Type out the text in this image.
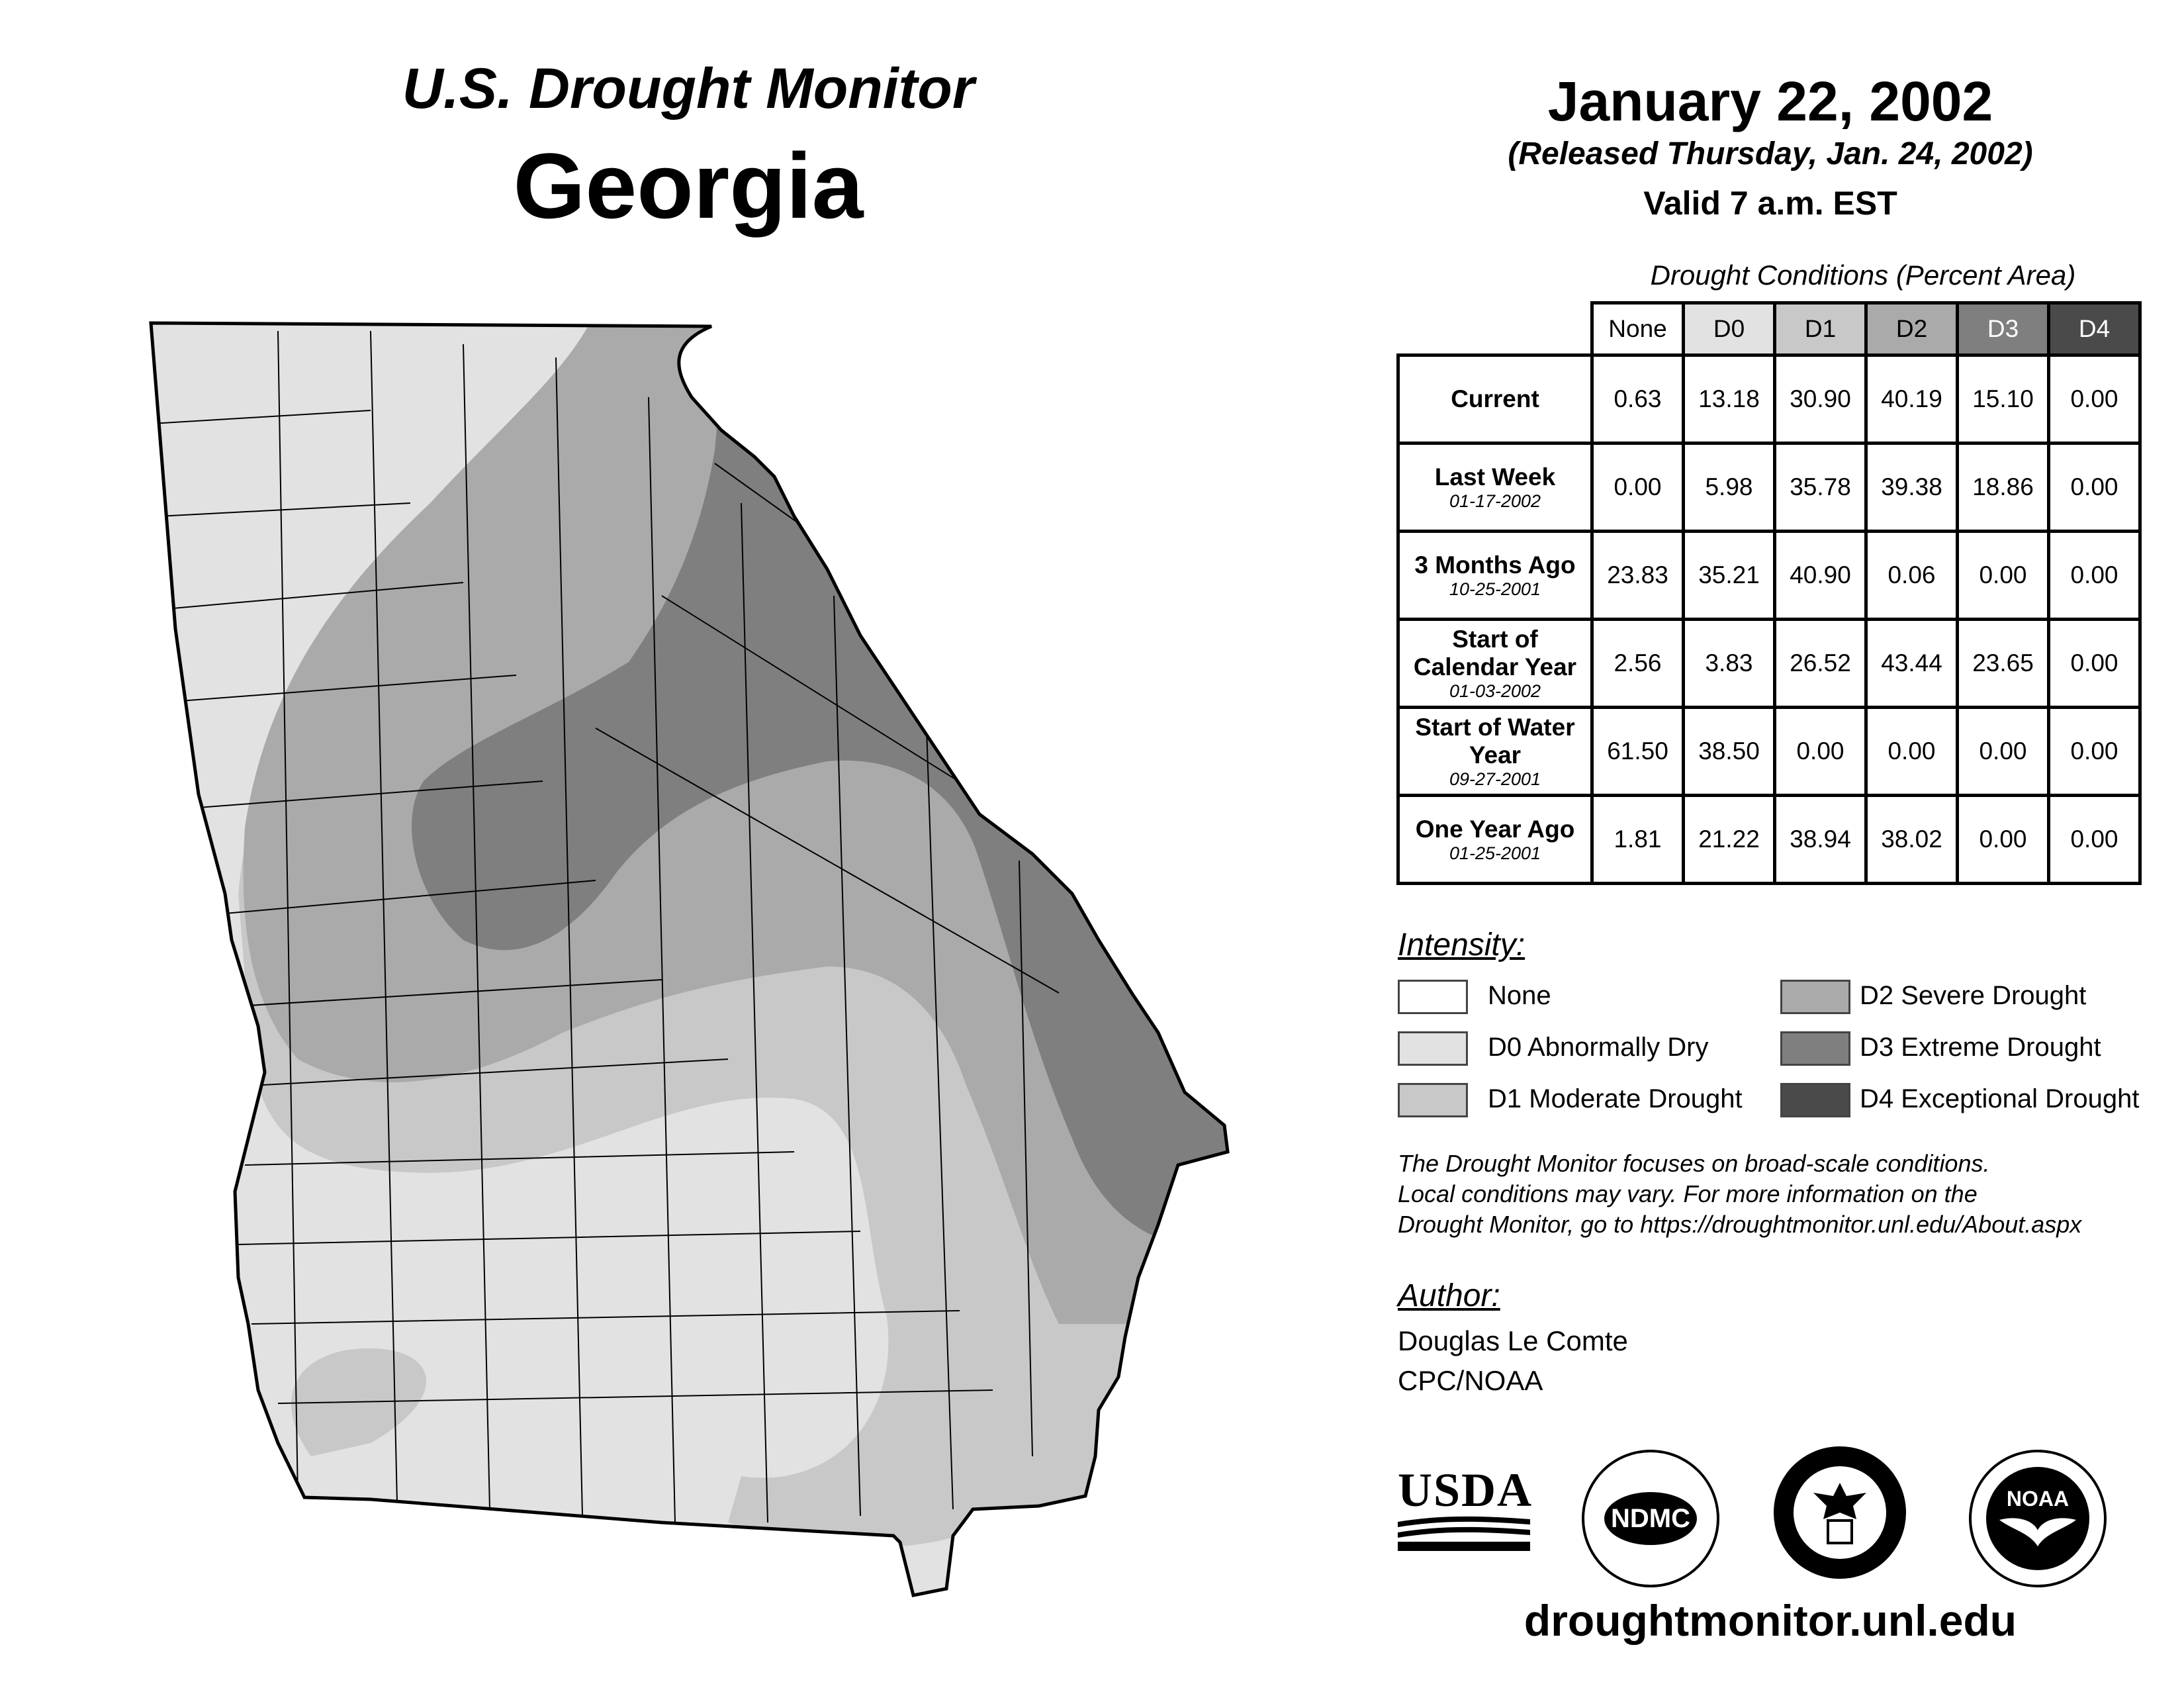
U.S. Drought Monitor
Georgia
January 22, 2002
(Released Thursday, Jan. 24, 2002)
Valid 7 a.m. EST
Drought Conditions (Percent Area)
	None	D0	D1	D2	D3	D4
Current	0.63	13.18	30.90	40.19	15.10	0.00
Last Week
01-17-2002	0.00	5.98	35.78	39.38	18.86	0.00
3 Months Ago
10-25-2001	23.83	35.21	40.90	0.06	0.00	0.00
Start of Calendar Year
01-03-2002	2.56	3.83	26.52	43.44	23.65	0.00
Start of Water Year
09-27-2001	61.50	38.50	0.00	0.00	0.00	0.00
One Year Ago
01-25-2001	1.81	21.22	38.94	38.02	0.00	0.00
Intensity:
None
D0 Abnormally Dry
D1 Moderate Drought
D2 Severe Drought
D3 Extreme Drought
D4 Exceptional Drought
The Drought Monitor focuses on broad-scale conditions.
Local conditions may vary. For more information on the
Drought Monitor, go to https://droughtmonitor.unl.edu/About.aspx
Author:
Douglas Le Comte
CPC/NOAA
USDA
NDMC
NOAA
droughtmonitor.unl.edu
